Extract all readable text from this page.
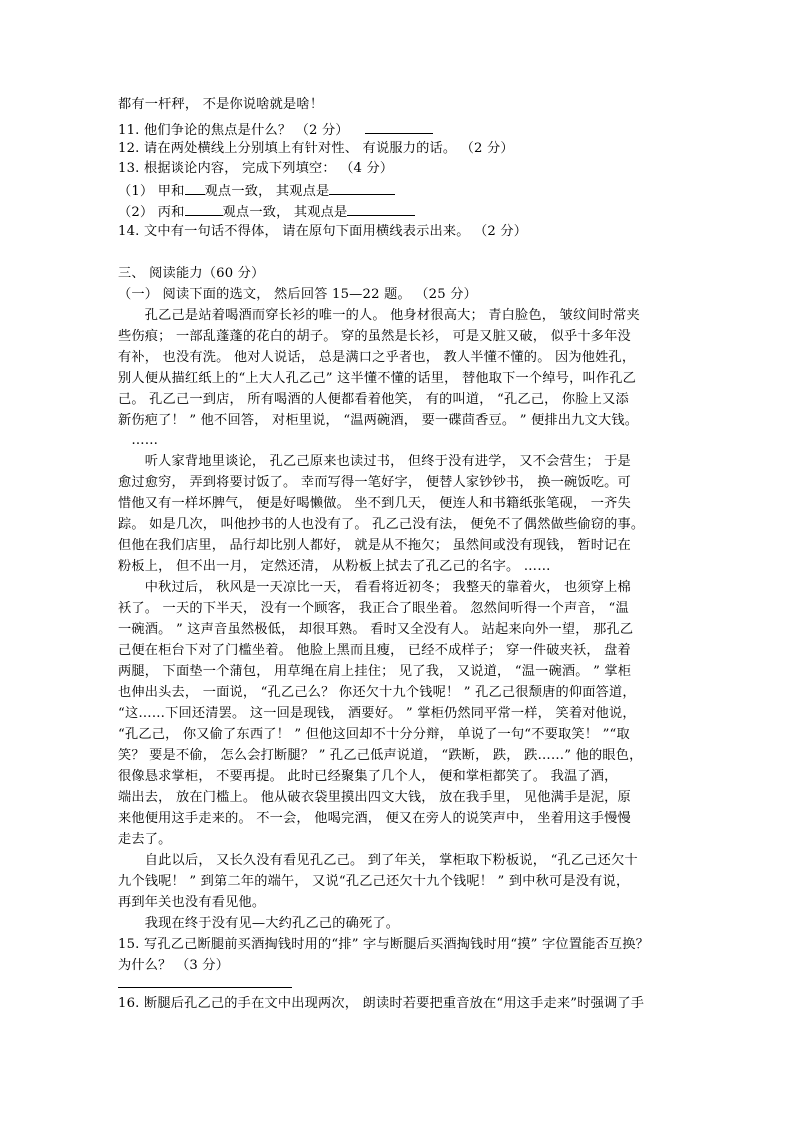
都有一杆秤， 不是你说啥就是啥！
11. 他们争论的焦点是什么？ （2 分）
12. 请在两处横线上分别填上有针对性、 有说服力的话。 （2 分）
13. 根据谈论内容， 完成下列填空： （4 分）
（1） 甲和 观点一致， 其观点是
（2） 丙和	观点一致， 其观点是
14. 文中有一句话不得体， 请在原句下面用横线表示出来。 （2 分）
三、 阅读能力（60 分）
（一） 阅读下面的选文， 然后回答 15—22 题。 （25 分）
　　孔乙己是站着喝酒而穿长衫的唯一的人。 他身材很高大； 青白脸色， 皱纹间时常夹
些伤痕； 一部乱蓬蓬的花白的胡子。 穿的虽然是长衫， 可是又脏又破， 似乎十多年没
有补， 也没有洗。 他对人说话， 总是满口之乎者也， 教人半懂不懂的。 因为他姓孔，
别人便从描红纸上的“上大人孔乙己” 这半懂不懂的话里， 替他取下一个绰号，叫作孔乙
己。 孔乙己一到店， 所有喝酒的人便都看着他笑， 有的叫道， “孔乙己， 你脸上又添
新伤疤了！ ” 他不回答， 对柜里说， “温两碗酒， 要一碟茴香豆。 ” 便排出九文大钱。
　……
　　听人家背地里谈论， 孔乙己原来也读过书， 但终于没有进学， 又不会营生； 于是
愈过愈穷， 弄到将要讨饭了。 幸而写得一笔好字， 便替人家钞钞书， 换一碗饭吃。可
惜他又有一样坏脾气， 便是好喝懒做。 坐不到几天， 便连人和书籍纸张笔砚， 一齐失
踪。 如是几次， 叫他抄书的人也没有了。 孔乙己没有法， 便免不了偶然做些偷窃的事。
但他在我们店里， 品行却比别人都好， 就是从不拖欠； 虽然间或没有现钱， 暂时记在
粉板上， 但不出一月， 定然还清， 从粉板上拭去了孔乙己的名字。 ……
　　中秋过后， 秋风是一天凉比一天， 看看将近初冬； 我整天的靠着火， 也须穿上棉
袄了。 一天的下半天， 没有一个顾客， 我正合了眼坐着。 忽然间听得一个声音， “温
一碗酒。 ” 这声音虽然极低， 却很耳熟。 看时又全没有人。 站起来向外一望， 那孔乙
己便在柜台下对了门槛坐着。 他脸上黑而且瘦， 已经不成样子； 穿一件破夹袄， 盘着
两腿， 下面垫一个蒲包， 用草绳在肩上挂住； 见了我， 又说道， “温一碗酒。 ” 掌柜
也伸出头去， 一面说， “孔乙己么？ 你还欠十九个钱呢！ ” 孔乙己很颓唐的仰面答道，
“这……下回还清罢。 这一回是现钱， 酒要好。 ” 掌柜仍然同平常一样， 笑着对他说，
“孔乙己， 你又偷了东西了！ ” 但他这回却不十分分辩， 单说了一句“不要取笑！ ”“取
笑？ 要是不偷， 怎么会打断腿？ ” 孔乙己低声说道， “跌断， 跌， 跌……” 他的眼色，
很像恳求掌柜， 不要再提。 此时已经聚集了几个人， 便和掌柜都笑了。 我温了酒，
端出去， 放在门槛上。 他从破衣袋里摸出四文大钱， 放在我手里， 见他满手是泥，原
来他便用这手走来的。 不一会， 他喝完酒， 便又在旁人的说笑声中， 坐着用这手慢慢
走去了。
　　自此以后， 又长久没有看见孔乙己。 到了年关， 掌柜取下粉板说， “孔乙己还欠十
九个钱呢！ ” 到第二年的端午， 又说“孔乙己还欠十九个钱呢！ ” 到中秋可是没有说，
再到年关也没有看见他。
　　我现在终于没有见—大约孔乙己的确死了。
15. 写孔乙己断腿前买酒掏钱时用的“排” 字与断腿后买酒掏钱时用“摸” 字位置能否互换？
为什么？ （3 分）
16. 断腿后孔乙己的手在文中出现两次， 朗读时若要把重音放在“用这手走来”时强调了手
